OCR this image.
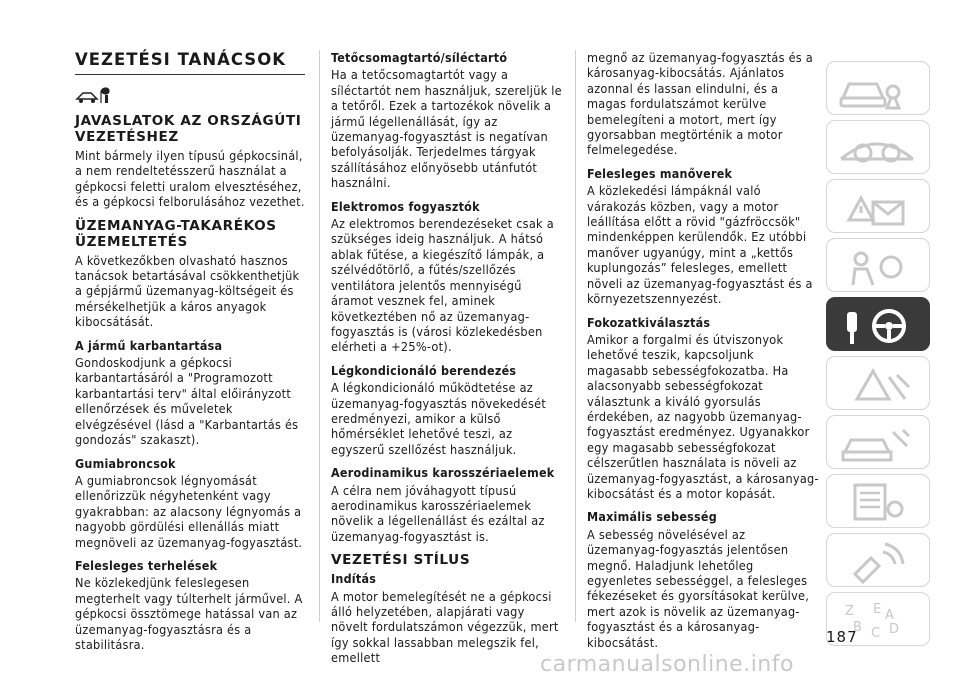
VEZETÉSI TANÁCSOK
JAVASLATOK AZ ORSZÁGÚTI VEZETÉSHEZ

Mint bármely ilyen típusú gépkocsinál, a nem rendeltetésszerű használat a gépkocsi feletti uralom elvesztéséhez, és a gépkocsi felborulásához vezethet.

ÜZEMANYAG-TAKARÉKOS ÜZEMELTETÉS

A következőkben olvasható hasznos tanácsok betartásával csökkenthetjük a gépjármű üzemanyag-költségeit és mérsékelhetjük a káros anyagok kibocsátását.

A jármű karbantartása

Gondoskodjunk a gépkocsi karbantartásáról a "Programozott karbantartási terv" által előirányzott ellenőrzések és műveletek elvégzésével (lásd a "Karbantartás és gondozás" szakaszt).

Gumiabroncsok

A gumiabroncsok légnyomását ellenőrizzük négyhetenként vagy gyakrabban: az alacsony légnyomás a nagyobb gördülési ellenállás miatt megnöveli az üzemanyag-fogyasztást.

Felesleges terhelések

Ne közlekedjünk feleslegesen megterhelt vagy túlterhelt járművel. A gépkocsi össztömege hatással van az üzemanyag-fogyasztásra és a stabilitásra.

Tetőcsomagtartó/síléctartó

Ha a tetőcsomagtartót vagy a síléctartót nem használjuk, szereljük le a tetőről. Ezek a tartozékok növelik a jármű légellenállását, így az üzemanyag-fogyasztást is negatívan befolyásolják. Terjedelmes tárgyak szállításához előnyösebb utánfutót használni.

Elektromos fogyasztók

Az elektromos berendezéseket csak a szükséges ideig használjuk. A hátsó ablak fűtése, a kiegészítő lámpák, a szélvédőtörlő, a fűtés/szellőzés ventilátora jelentős mennyiségű áramot vesznek fel, aminek következtében nő az üzemanyag-fogyasztás is (városi közlekedésben elérheti a +25%-ot).

Légkondicionáló berendezés

A légkondicionáló működtetése az üzemanyag-fogyasztás növekedését eredményezi, amikor a külső hőmérséklet lehetővé teszi, az egyszerű szellőzést használjuk.

Aerodinamikus karosszériaelemek

A célra nem jóváhagyott típusú aerodinamikus karosszériaelemek növelik a légellenállást és ezáltal az üzemanyag-fogyasztást is.

VEZETÉSI STÍLUS
Indítás

A motor bemelegítését ne a gépkocsi álló helyzetében, alapjárati vagy növelt fordulatszámon végezzük, mert így sokkal lassabban melegszik fel, emellett

megnő az üzemanyag-fogyasztás és a károsanyag-kibocsátás. Ajánlatos azonnal és lassan elindulni, és a magas fordulatszámot kerülve bemelegíteni a motort, mert így gyorsabban megtörténik a motor felmelegedése.

Felesleges manőverek

A közlekedési lámpáknál való várakozás közben, vagy a motor leállítása előtt a rövid "gázfröccsök" mindenképpen kerülendők. Ez utóbbi manőver ugyanúgy, mint a „kettős kuplungozás” felesleges, emellett növeli az üzemanyag-fogyasztást és a környezetszennyezést.

Fokozatkiválasztás

Amikor a forgalmi és útviszonyok lehetővé teszik, kapcsoljunk magasabb sebességfokozatba. Ha alacsonyabb sebességfokozat választunk a kiváló gyorsulás érdekében, az nagyobb üzemanyag-fogyasztást eredményez. Ugyanakkor egy magasabb sebességfokozat célszerűtlen használata is növeli az üzemanyag-fogyasztást, a károsanyag-kibocsátást és a motor kopását.

Maximális sebesség

A sebesség növelésével az üzemanyag-fogyasztás jelentősen megnő. Haladjunk lehetőleg egyenletes sebességgel, a felesleges fékezéseket és gyorsításokat kerülve, mert azok is növelik az üzemanyag-fogyasztást és a károsanyag-kibocsátást.

Z E
B C D
A
187
carmanualsonline.info
